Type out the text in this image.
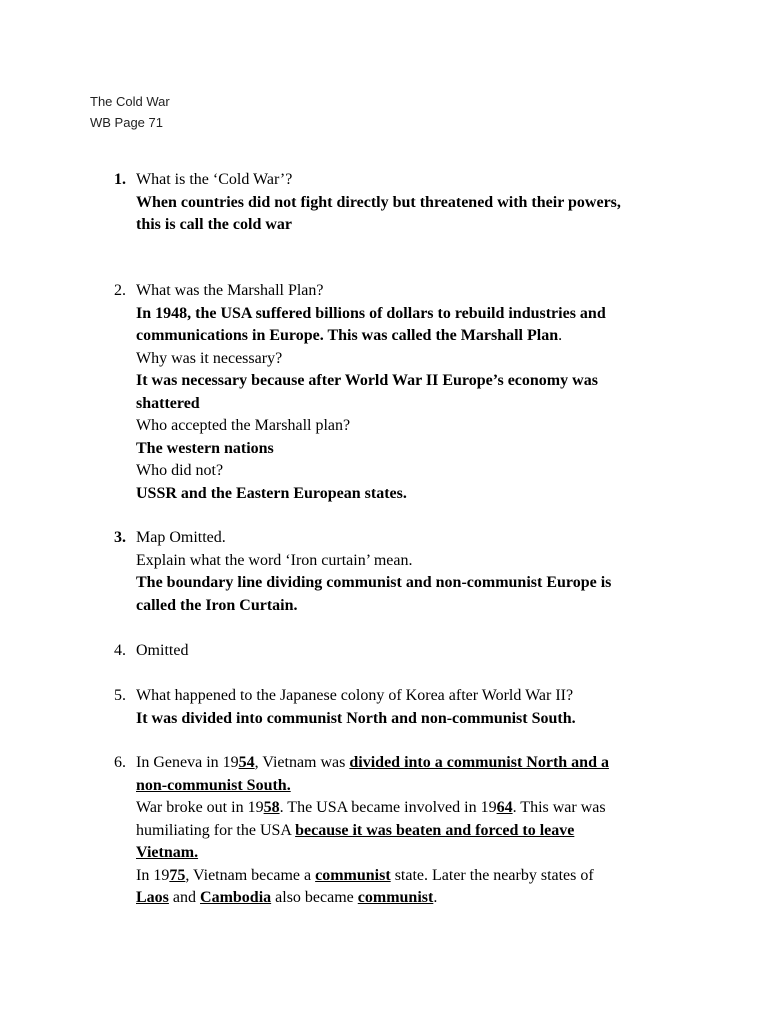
The Cold War
WB Page 71
1. What is the ‘Cold War’?
When countries did not fight directly but threatened with their powers,
this is call the cold war
2. What was the Marshall Plan?
In 1948, the USA suffered billions of dollars to rebuild industries and
communications in Europe. This was called the Marshall Plan.
Why was it necessary?
It was necessary because after World War II Europe’s economy was
shattered
Who accepted the Marshall plan?
The western nations
Who did not?
USSR and the Eastern European states.
3. Map Omitted.
Explain what the word ‘Iron curtain’ mean.
The boundary line dividing communist and non-communist Europe is
called the Iron Curtain.
4. Omitted
5. What happened to the Japanese colony of Korea after World War II?
It was divided into communist North and non-communist South.
6. In Geneva in 1954, Vietnam was divided into a communist North and a
non-communist South.
War broke out in 1958. The USA became involved in 1964. This war was
humiliating for the USA because it was beaten and forced to leave
Vietnam.
In 1975, Vietnam became a communist state. Later the nearby states of
Laos and Cambodia also became communist.
